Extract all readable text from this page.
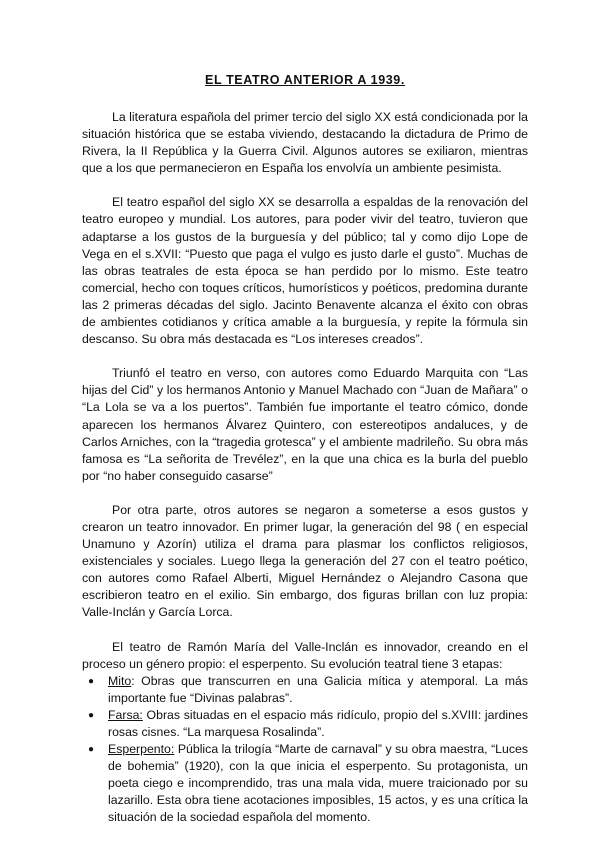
EL TEATRO ANTERIOR A 1939.

La literatura española del primer tercio del siglo XX está condicionada por la situación histórica que se estaba viviendo, destacando la dictadura de Primo de Rivera, la II República y la Guerra Civil. Algunos autores se exiliaron, mientras que a los que permanecieron en España los envolvía un ambiente pesimista.

El teatro español del siglo XX se desarrolla a espaldas de la renovación del teatro europeo y mundial. Los autores, para poder vivir del teatro, tuvieron que adaptarse a los gustos de la burguesía y del público; tal y como dijo Lope de Vega en el s.XVII: “Puesto que paga el vulgo es justo darle el gusto”. Muchas de las obras teatrales de esta época se han perdido por lo mismo. Este teatro comercial, hecho con toques críticos, humorísticos y poéticos, predomina durante las 2 primeras décadas del siglo. Jacinto Benavente alcanza el éxito con obras de ambientes cotidianos y crítica amable a la burguesía, y repite la fórmula sin descanso. Su obra más destacada es “Los intereses creados”.

Triunfó el teatro en verso, con autores como Eduardo Marquita con “Las hijas del Cid” y los hermanos Antonio y Manuel Machado con “Juan de Mañara” o “La Lola se va a los puertos”. También fue importante el teatro cómico, donde aparecen los hermanos Álvarez Quintero, con estereotipos andaluces, y de Carlos Arniches, con la “tragedia grotesca” y el ambiente madrileño. Su obra más famosa es “La señorita de Trevélez”, en la que una chica es la burla del pueblo por “no haber conseguido casarse”

Por otra parte, otros autores se negaron a someterse a esos gustos y crearon un teatro innovador. En primer lugar, la generación del 98 ( en especial Unamuno y Azorín) utiliza el drama para plasmar los conflictos religiosos, existenciales y sociales. Luego llega la generación del 27 con el teatro poético, con autores como Rafael Alberti, Miguel Hernández o Alejandro Casona que escribieron teatro en el exilio. Sin embargo, dos figuras brillan con luz propia: Valle-Inclán y García Lorca.

El teatro de Ramón María del Valle-Inclán es innovador, creando en el proceso un género propio: el esperpento. Su evolución teatral tiene 3 etapas:

● Mito: Obras que transcurren en una Galicia mítica y atemporal. La más importante fue “Divinas palabras”.
● Farsa: Obras situadas en el espacio más ridículo, propio del s.XVIII: jardines rosas cisnes. “La marquesa Rosalinda”.
● Esperpento: Pública la trilogía “Marte de carnaval” y su obra maestra, “Luces de bohemia” (1920), con la que inicia el esperpento. Su protagonista, un poeta ciego e incomprendido, tras una mala vida, muere traicionado por su lazarillo. Esta obra tiene acotaciones imposibles, 15 actos, y es una crítica la situación de la sociedad española del momento.
